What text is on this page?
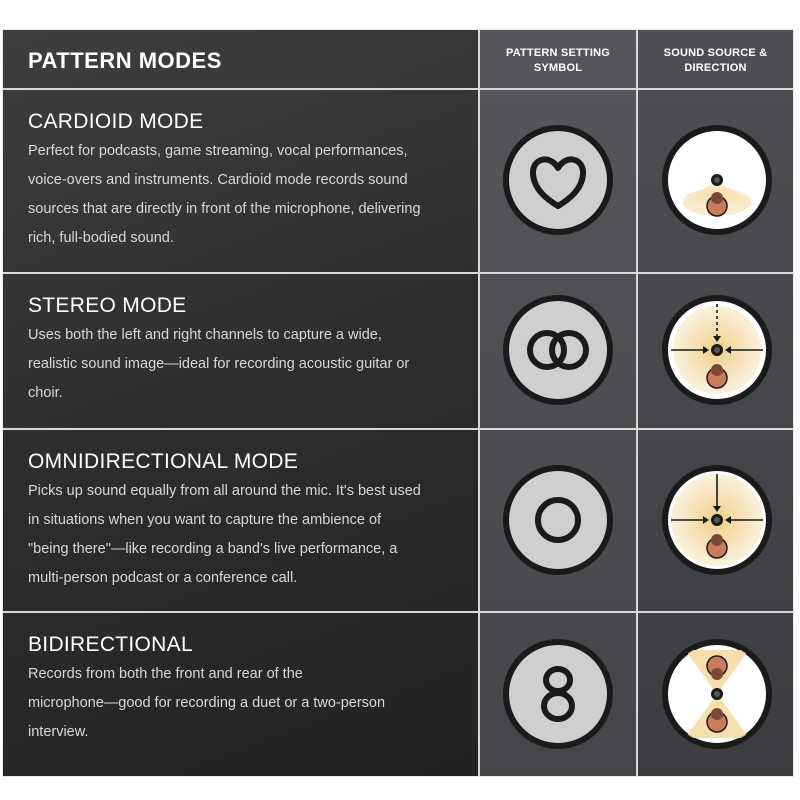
PATTERN MODES	PATTERN SETTING
SYMBOL
SOUND SOURCE &
DIRECTION
CARDIOID MODE
Perfect for podcasts, game streaming, vocal performances,
voice-overs and instruments. Cardioid mode records sound
sources that are directly in front of the microphone, delivering
rich, full-bodied sound.
STEREO MODE
Uses both the left and right channels to capture a wide,
realistic sound image—ideal for recording acoustic guitar or
choir.
OMNIDIRECTIONAL MODE
Picks up sound equally from all around the mic. It's best used
in situations when you want to capture the ambience of
"being there"—like recording a band's live performance, a
multi-person podcast or a conference call.
BIDIRECTIONAL
Records from both the front and rear of the
microphone—good for recording a duet or a two-person
interview.
